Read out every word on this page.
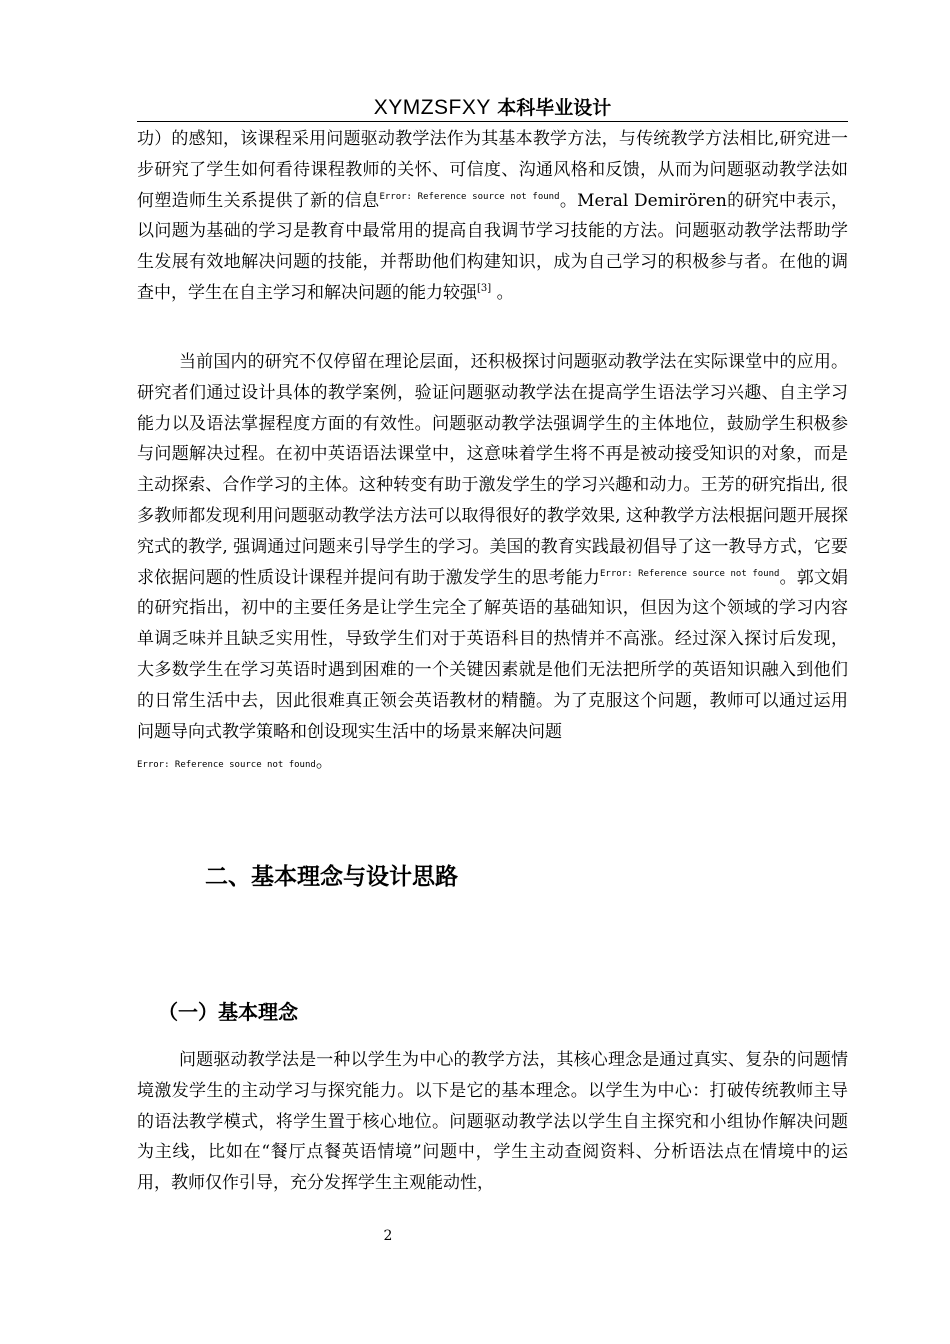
XYMZSFXY 本科毕业设计

功）的感知，该课程采用问题驱动教学法作为其基本教学方法，与传统教学方法相比,研究进一步研究了学生如何看待课程教师的关怀、可信度、沟通风格和反馈，从而为问题驱动教学法如何塑造师生关系提供了新的信息$^{Error: Reference source not found}$。Meral Demirören的研究中表示，以问题为基础的学习是教育中最常用的提高自我调节学习技能的方法。问题驱动教学法帮助学生发展有效地解决问题的技能，并帮助他们构建知识，成为自己学习的积极参与者。在他的调查中，学生在自主学习和解决问题的能力较强[3] 。

当前国内的研究不仅停留在理论层面，还积极探讨问题驱动教学法在实际课堂中的应用。研究者们通过设计具体的教学案例，验证问题驱动教学法在提高学生语法学习兴趣、自主学习能力以及语法掌握程度方面的有效性。问题驱动教学法强调学生的主体地位，鼓励学生积极参与问题解决过程。在初中英语语法课堂中，这意味着学生将不再是被动接受知识的对象，而是主动探索、合作学习的主体。这种转变有助于激发学生的学习兴趣和动力。王芳的研究指出, 很多教师都发现利用问题驱动教学法方法可以取得很好的教学效果, 这种教学方法根据问题开展探究式的教学, 强调通过问题来引导学生的学习。美国的教育实践最初倡导了这一教导方式，它要求依据问题的性质设计课程并提问有助于激发学生的思考能力$^{Error: Reference source not found}$。郭文娟的研究指出，初中的主要任务是让学生完全了解英语的基础知识，但因为这个领域的学习内容单调乏味并且缺乏实用性，导致学生们对于英语科目的热情并不高涨。经过深入探讨后发现，大多数学生在学习英语时遇到困难的一个关键因素就是他们无法把所学的英语知识融入到他们的日常生活中去，因此很难真正领会英语教材的精髓。为了克服这个问题，教师可以通过运用问题导向式教学策略和创设现实生活中的场景来解决问题
Error: Reference source not found。

二、基本理念与设计思路
（一）基本理念

问题驱动教学法是一种以学生为中心的教学方法，其核心理念是通过真实、复杂的问题情境激发学生的主动学习与探究能力。以下是它的基本理念。以学生为中心：打破传统教师主导的语法教学模式，将学生置于核心地位。问题驱动教学法以学生自主探究和小组协作解决问题为主线，比如在“餐厅点餐英语情境”问题中，学生主动查阅资料、分析语法点在情境中的运用，教师仅作引导，充分发挥学生主观能动性，

2
